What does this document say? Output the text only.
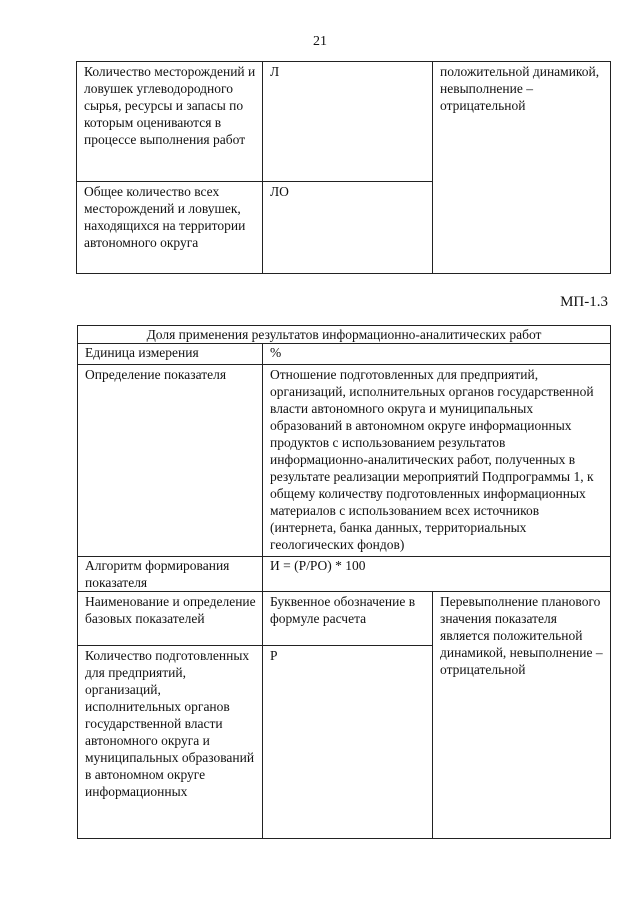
21
Количество месторождений и ловушек углеводородного сырья, ресурсы и запасы по которым оцениваются в процессе выполнения работ	Л	положительной динамикой, невыполнение – отрицательной
Общее количество всех месторождений и ловушек, находящихся на территории автономного округа	ЛО	
МП-1.3
Доля применения результатов информационно-аналитических работ		
Единица измерения	%	
Определение показателя	Отношение подготовленных для предприятий, организаций, исполнительных органов государственной власти автономного округа и муниципальных образований в автономном округе информационных продуктов с использованием результатов информационно-аналитических работ, полученных в результате реализации мероприятий Подпрограммы 1, к общему количеству подготовленных информационных материалов с использованием всех источников (интернета, банка данных, территориальных геологических фондов)	
Алгоритм формирования показателя	И = (Р/РО) * 100	
Наименование и определение базовых показателей	Буквенное обозначение в формуле расчета	Перевыполнение планового значения показателя является положительной динамикой, невыполнение – отрицательной
Количество подготовленных для предприятий, организаций, исполнительных органов государственной власти автономного округа и муниципальных образований в автономном округе информационных	Р	
